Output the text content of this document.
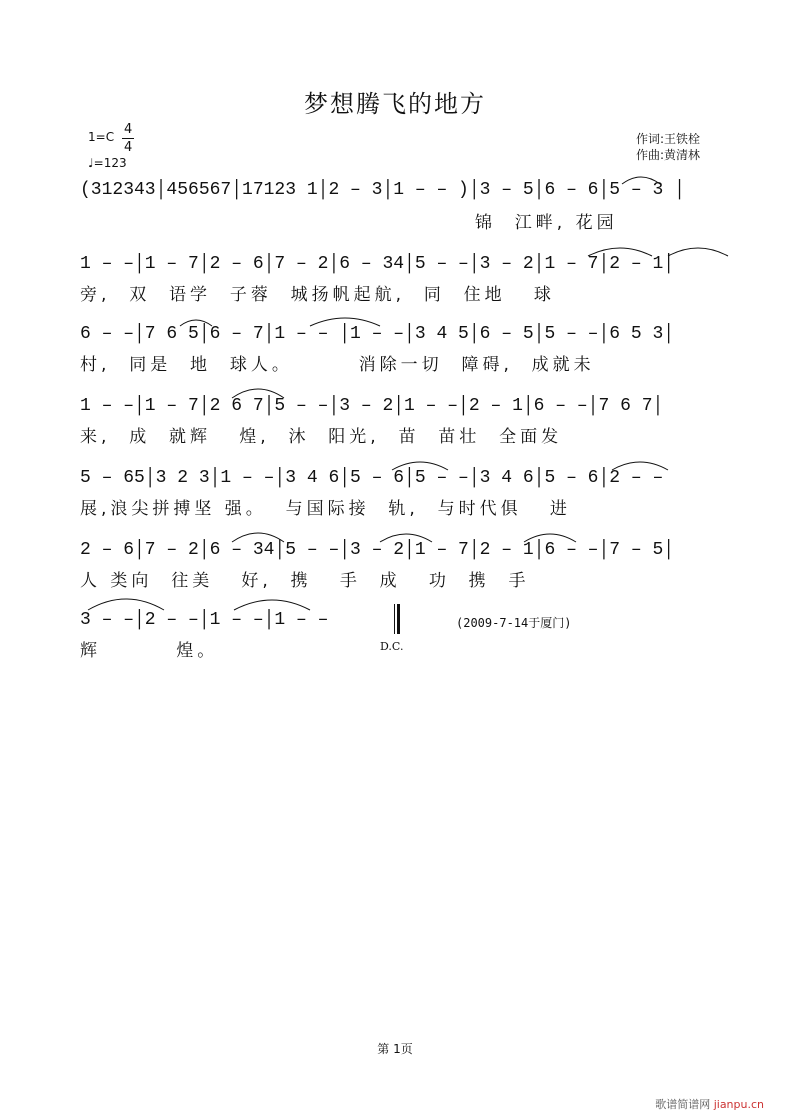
梦想腾飞的地方
1=C 4
4
♩=123
作词:王铁栓
作曲:黄清林
(312343│456567│17123 1│2 – 3│1 – – )│3 – 5│6 – 6│5 – 3 │
锦  江畔, 花园
1 – –│1 – 7│2 – 6│7 – 2│6 – 34│5 – –│3 – 2│1 – 7│2 – 1│
旁,  双  语学  子蓉  城扬帆起航,  同  住地   球
6 – –│7 6 5│6 – 7│1 – – │1 – –│3 4 5│6 – 5│5 – –│6 5 3│
村,  同是  地  球人。       消除一切  障碍,  成就未
1 – –│1 – 7│2 6 7│5 – –│3 – 2│1 – –│2 – 1│6 – –│7 6 7│
来,  成  就辉   煌,  沐  阳光,  苗  苗壮  全面发
5 – 65│3 2 3│1 – –│3 4 6│5 – 6│5 – –│3 4 6│5 – 6│2 – –
展,浪尖拼搏坚 强。  与国际接  轨,  与时代俱   进
2 – 6│7 – 2│6 – 34│5 – –│3 – 2│1 – 7│2 – 1│6 – –│7 – 5│
人 类向  往美   好,  携   手  成   功  携  手
3 – –│2 – –│1 – –│1 – –
辉        煌。	D.C.
(2009-7-14于厦门)
第 1页
歌谱简谱网 jianpu.cn
